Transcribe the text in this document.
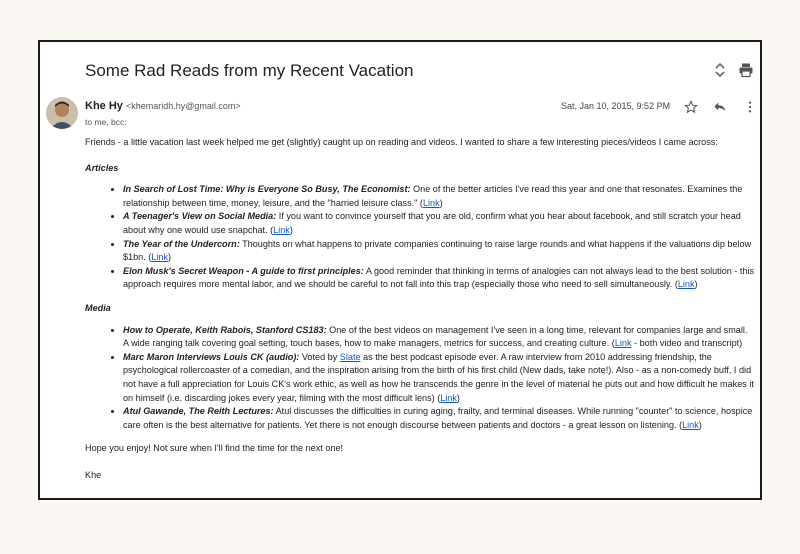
Some Rad Reads from my Recent Vacation
Khe Hy <khemaridh.hy@gmail.com>
to me, bcc:
Sat, Jan 10, 2015, 9:52 PM

Friends - a little vacation last week helped me get (slightly) caught up on reading and videos. I wanted to share a few interesting pieces/videos I came across:

Articles

• In Search of Lost Time: Why is Everyone So Busy, The Economist: One of the better articles I've read this year and one that resonates. Examines the relationship between time, money, leisure, and the "harried leisure class." (Link)
• A Teenager's View on Social Media: If you want to convince yourself that you are old, confirm what you hear about facebook, and still scratch your head about why one would use snapchat. (Link)
• The Year of the Undercorn: Thoughts on what happens to private companies continuing to raise large rounds and what happens if the valuations dip below $1bn. (Link)
• Elon Musk's Secret Weapon - A guide to first principles: A good reminder that thinking in terms of analogies can not always lead to the best solution - this approach requires more mental labor, and we should be careful to not fall into this trap (especially those who need to sell simultaneously. (Link)

Media

• How to Operate, Keith Rabois, Stanford CS183: One of the best videos on management I've seen in a long time, relevant for companies large and small. A wide ranging talk covering goal setting, touch bases, how to make managers, metrics for success, and creating culture. (Link - both video and transcript)
• Marc Maron Interviews Louis CK (audio): Voted by Slate as the best podcast episode ever. A raw interview from 2010 addressing friendship, the psychological rollercoaster of a comedian, and the inspiration arising from the birth of his first child (New dads, take note!). Also - as a non-comedy buff, I did not have a full appreciation for Louis CK's work ethic, as well as how he transcends the genre in the level of material he puts out and how difficult he makes it on himself (i.e. discarding jokes every year, filming with the most difficult lens) (Link)
• Atul Gawande, The Reith Lectures: Atul discusses the difficulties in curing aging, frailty, and terminal diseases. While running "counter" to science, hospice care often is the best alternative for patients. Yet there is not enough discourse between patients and doctors - a great lesson on listening. (Link)

Hope you enjoy! Not sure when I'll find the time for the next one!

Khe
